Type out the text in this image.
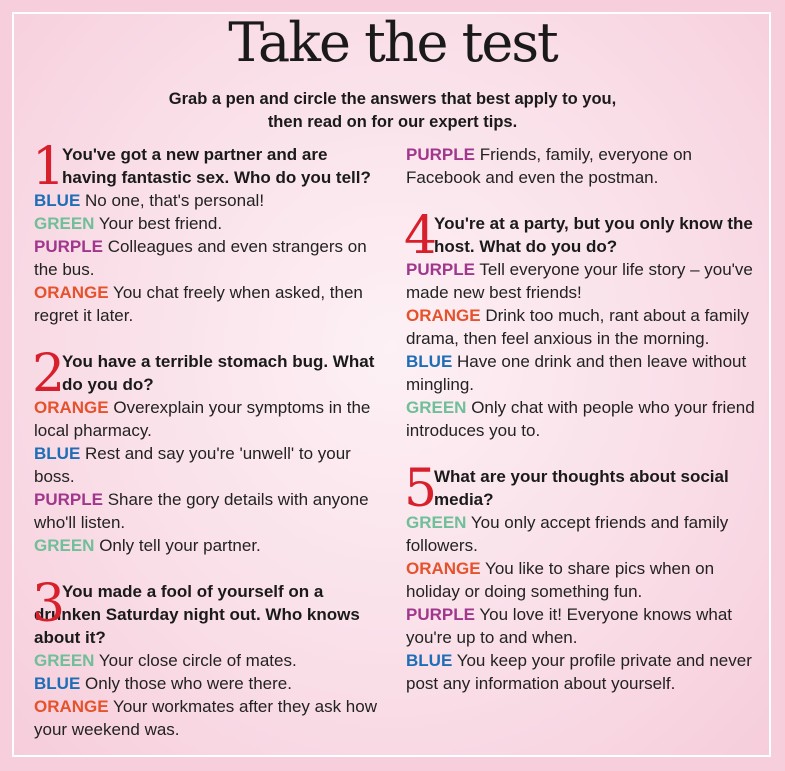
Take the test
Grab a pen and circle the answers that best apply to you,
then read on for our expert tips.
1
You've got a new partner and are having fantastic sex. Who do you tell?
BLUE No one, that's personal!
GREEN Your best friend.
PURPLE Colleagues and even strangers on the bus.
ORANGE You chat freely when asked, then regret it later.
2
You have a terrible stomach bug. What do you do?
ORANGE Overexplain your symptoms in the local pharmacy.
BLUE Rest and say you're 'unwell' to your boss.
PURPLE Share the gory details with anyone who'll listen.
GREEN Only tell your partner.
3
You made a fool of yourself on a drunken Saturday night out. Who knows about it?
GREEN Your close circle of mates.
BLUE Only those who were there.
ORANGE Your workmates after they ask how your weekend was.
PURPLE Friends, family, everyone on Facebook and even the postman.
4
You're at a party, but you only know the host. What do you do?
PURPLE Tell everyone your life story – you've made new best friends!
ORANGE Drink too much, rant about a family drama, then feel anxious in the morning.
BLUE Have one drink and then leave without mingling.
GREEN Only chat with people who your friend introduces you to.
5
What are your thoughts about social media?
GREEN You only accept friends and family followers.
ORANGE You like to share pics when on holiday or doing something fun.
PURPLE You love it! Everyone knows what you're up to and when.
BLUE You keep your profile private and never post any information about yourself.
